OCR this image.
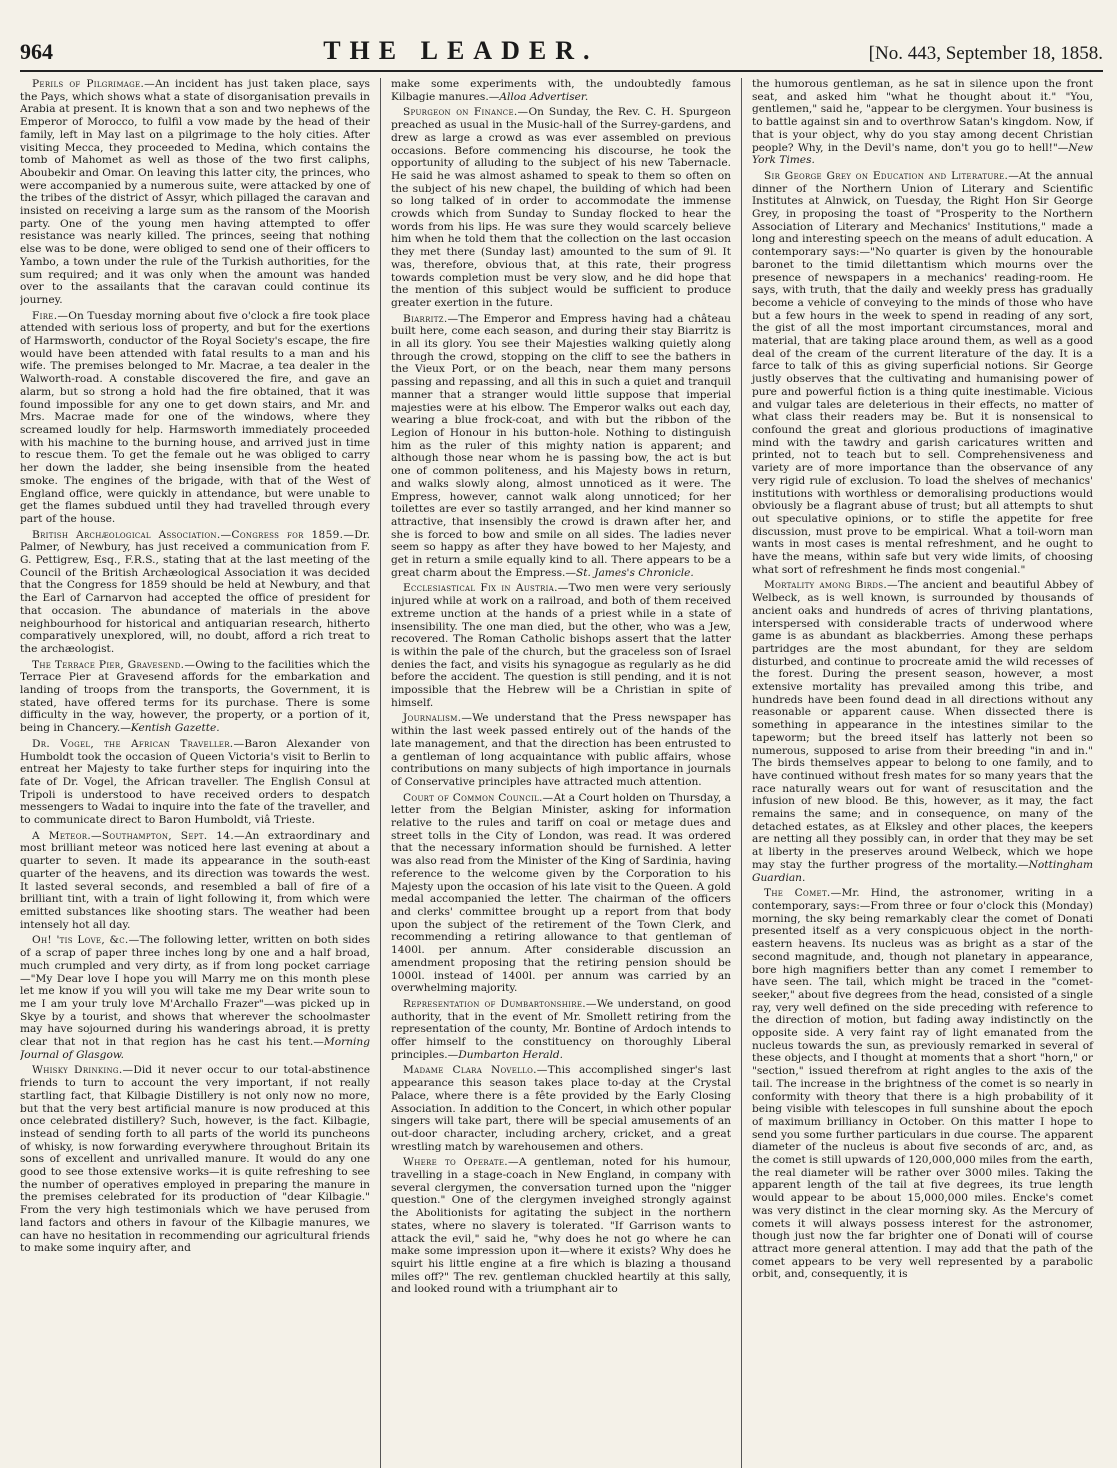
964	THE LEADER.	[No. 443, September 18, 1858.

Perils of Pilgrimage.—An incident has just taken place, says the Pays, which shows what a state of disorganisation prevails in Arabia at present. It is known that a son and two nephews of the Emperor of Morocco, to fulfil a vow made by the head of their family, left in May last on a pilgrimage to the holy cities. After visiting Mecca, they proceeded to Medina, which contains the tomb of Mahomet as well as those of the two first caliphs, Aboubekir and Omar. On leaving this latter city, the princes, who were accompanied by a numerous suite, were attacked by one of the tribes of the district of Assyr, which pillaged the caravan and insisted on receiving a large sum as the ransom of the Moorish party. One of the young men having attempted to offer resistance was nearly killed. The princes, seeing that nothing else was to be done, were obliged to send one of their officers to Yambo, a town under the rule of the Turkish authorities, for the sum required; and it was only when the amount was handed over to the assailants that the caravan could continue its journey.

Fire.—On Tuesday morning about five o'clock a fire took place attended with serious loss of property, and but for the exertions of Harmsworth, conductor of the Royal Society's escape, the fire would have been attended with fatal results to a man and his wife. The premises belonged to Mr. Macrae, a tea dealer in the Walworth-road. A constable discovered the fire, and gave an alarm, but so strong a hold had the fire obtained, that it was found impossible for any one to get down stairs, and Mr. and Mrs. Macrae made for one of the windows, where they screamed loudly for help. Harmsworth immediately proceeded with his machine to the burning house, and arrived just in time to rescue them. To get the female out he was obliged to carry her down the ladder, she being insensible from the heated smoke. The engines of the brigade, with that of the West of England office, were quickly in attendance, but were unable to get the flames subdued until they had travelled through every part of the house.

British Archæological Association.—Congress for 1859.—Dr. Palmer, of Newbury, has just received a communication from F. G. Pettigrew, Esq., F.R.S., stating that at the last meeting of the Council of the British Archæological Association it was decided that the Congress for 1859 should be held at Newbury, and that the Earl of Carnarvon had accepted the office of president for that occasion. The abundance of materials in the above neighbourhood for historical and antiquarian research, hitherto comparatively unexplored, will, no doubt, afford a rich treat to the archæologist.

The Terrace Pier, Gravesend.—Owing to the facilities which the Terrace Pier at Gravesend affords for the embarkation and landing of troops from the transports, the Government, it is stated, have offered terms for its purchase. There is some difficulty in the way, however, the property, or a portion of it, being in Chancery.—Kentish Gazette.

Dr. Vogel, the African Traveller.—Baron Alexander von Humboldt took the occasion of Queen Victoria's visit to Berlin to entreat her Majesty to take further steps for inquiring into the fate of Dr. Vogel, the African traveller. The English Consul at Tripoli is understood to have received orders to despatch messengers to Wadai to inquire into the fate of the traveller, and to communicate direct to Baron Humboldt, viâ Trieste.

A Meteor.—Southampton, Sept. 14.—An extraordinary and most brilliant meteor was noticed here last evening at about a quarter to seven. It made its appearance in the south-east quarter of the heavens, and its direction was towards the west. It lasted several seconds, and resembled a ball of fire of a brilliant tint, with a train of light following it, from which were emitted substances like shooting stars. The weather had been intensely hot all day.

Oh! 'tis Love, &c.—The following letter, written on both sides of a scrap of paper three inches long by one and a half broad, much crumpled and very dirty, as if from long pocket carriage—"My Dear love I hope you will Marry me on this month plese let me know if you will you will take me my Dear write soun to me I am your truly love M'Archallo Frazer"—was picked up in Skye by a tourist, and shows that wherever the schoolmaster may have sojourned during his wanderings abroad, it is pretty clear that not in that region has he cast his tent.—Morning Journal of Glasgow.

Whisky Drinking.—Did it never occur to our total-abstinence friends to turn to account the very important, if not really startling fact, that Kilbagie Distillery is not only now no more, but that the very best artificial manure is now produced at this once celebrated distillery? Such, however, is the fact. Kilbagie, instead of sending forth to all parts of the world its puncheons of whisky, is now forwarding everywhere throughout Britain its sons of excellent and unrivalled manure. It would do any one good to see those extensive works—it is quite refreshing to see the number of operatives employed in preparing the manure in the premises celebrated for its production of "dear Kilbagie." From the very high testimonials which we have perused from land factors and others in favour of the Kilbagie manures, we can have no hesitation in recommending our agricultural friends to make some inquiry after, and

make some experiments with, the undoubtedly famous Kilbagie manures.—Alloa Advertiser.

Spurgeon on Finance.—On Sunday, the Rev. C. H. Spurgeon preached as usual in the Music-hall of the Surrey-gardens, and drew as large a crowd as was ever assembled on previous occasions. Before commencing his discourse, he took the opportunity of alluding to the subject of his new Tabernacle. He said he was almost ashamed to speak to them so often on the subject of his new chapel, the building of which had been so long talked of in order to accommodate the immense crowds which from Sunday to Sunday flocked to hear the words from his lips. He was sure they would scarcely believe him when he told them that the collection on the last occasion they met there (Sunday last) amounted to the sum of 9l. It was, therefore, obvious that, at this rate, their progress towards completion must be very slow, and he did hope that the mention of this subject would be sufficient to produce greater exertion in the future.

Biarritz.—The Emperor and Empress having had a château built here, come each season, and during their stay Biarritz is in all its glory. You see their Majesties walking quietly along through the crowd, stopping on the cliff to see the bathers in the Vieux Port, or on the beach, near them many persons passing and repassing, and all this in such a quiet and tranquil manner that a stranger would little suppose that imperial majesties were at his elbow. The Emperor walks out each day, wearing a blue frock-coat, and with but the ribbon of the Legion of Honour in his button-hole. Nothing to distinguish him as the ruler of this mighty nation is apparent; and although those near whom he is passing bow, the act is but one of common politeness, and his Majesty bows in return, and walks slowly along, almost unnoticed as it were. The Empress, however, cannot walk along unnoticed; for her toilettes are ever so tastily arranged, and her kind manner so attractive, that insensibly the crowd is drawn after her, and she is forced to bow and smile on all sides. The ladies never seem so happy as after they have bowed to her Majesty, and get in return a smile equally kind to all. There appears to be a great charm about the Empress.—St. James's Chronicle.

Ecclesiastical Fix in Austria.—Two men were very seriously injured while at work on a railroad, and both of them received extreme unction at the hands of a priest while in a state of insensibility. The one man died, but the other, who was a Jew, recovered. The Roman Catholic bishops assert that the latter is within the pale of the church, but the graceless son of Israel denies the fact, and visits his synagogue as regularly as he did before the accident. The question is still pending, and it is not impossible that the Hebrew will be a Christian in spite of himself.

Journalism.—We understand that the Press newspaper has within the last week passed entirely out of the hands of the late management, and that the direction has been entrusted to a gentleman of long acquaintance with public affairs, whose contributions on many subjects of high importance in journals of Conservative principles have attracted much attention.

Court of Common Council.—At a Court holden on Thursday, a letter from the Belgian Minister, asking for information relative to the rules and tariff on coal or metage dues and street tolls in the City of London, was read. It was ordered that the necessary information should be furnished. A letter was also read from the Minister of the King of Sardinia, having reference to the welcome given by the Corporation to his Majesty upon the occasion of his late visit to the Queen. A gold medal accompanied the letter. The chairman of the officers and clerks' committee brought up a report from that body upon the subject of the retirement of the Town Clerk, and recommending a retiring allowance to that gentleman of 1400l. per annum. After considerable discussion an amendment proposing that the retiring pension should be 1000l. instead of 1400l. per annum was carried by an overwhelming majority.

Representation of Dumbartonshire.—We understand, on good authority, that in the event of Mr. Smollett retiring from the representation of the county, Mr. Bontine of Ardoch intends to offer himself to the constituency on thoroughly Liberal principles.—Dumbarton Herald.

Madame Clara Novello.—This accomplished singer's last appearance this season takes place to-day at the Crystal Palace, where there is a fête provided by the Early Closing Association. In addition to the Concert, in which other popular singers will take part, there will be special amusements of an out-door character, including archery, cricket, and a great wrestling match by warehousemen and others.

Where to Operate.—A gentleman, noted for his humour, travelling in a stage-coach in New England, in company with several clergymen, the conversation turned upon the "nigger question." One of the clergymen inveighed strongly against the Abolitionists for agitating the subject in the northern states, where no slavery is tolerated. "If Garrison wants to attack the evil," said he, "why does he not go where he can make some impression upon it—where it exists? Why does he squirt his little engine at a fire which is blazing a thousand miles off?" The rev. gentleman chuckled heartily at this sally, and looked round with a triumphant air to

the humorous gentleman, as he sat in silence upon the front seat, and asked him "what he thought about it." "You, gentlemen," said he, "appear to be clergymen. Your business is to battle against sin and to overthrow Satan's kingdom. Now, if that is your object, why do you stay among decent Christian people? Why, in the Devil's name, don't you go to hell!"—New York Times.

Sir George Grey on Education and Literature.—At the annual dinner of the Northern Union of Literary and Scientific Institutes at Alnwick, on Tuesday, the Right Hon Sir George Grey, in proposing the toast of "Prosperity to the Northern Association of Literary and Mechanics' Institutions," made a long and interesting speech on the means of adult education. A contemporary says:—"No quarter is given by the honourable baronet to the timid dilettantism which mourns over the presence of newspapers in a mechanics' reading-room. He says, with truth, that the daily and weekly press has gradually become a vehicle of conveying to the minds of those who have but a few hours in the week to spend in reading of any sort, the gist of all the most important circumstances, moral and material, that are taking place around them, as well as a good deal of the cream of the current literature of the day. It is a farce to talk of this as giving superficial notions. Sir George justly observes that the cultivating and humanising power of pure and powerful fiction is a thing quite inestimable. Vicious and vulgar tales are deleterious in their effects, no matter of what class their readers may be. But it is nonsensical to confound the great and glorious productions of imaginative mind with the tawdry and garish caricatures written and printed, not to teach but to sell. Comprehensiveness and variety are of more importance than the observance of any very rigid rule of exclusion. To load the shelves of mechanics' institutions with worthless or demoralising productions would obviously be a flagrant abuse of trust; but all attempts to shut out speculative opinions, or to stifle the appetite for free discussion, must prove to be empirical. What a toil-worn man wants in most cases is mental refreshment, and he ought to have the means, within safe but very wide limits, of choosing what sort of refreshment he finds most congenial."

Mortality among Birds.—The ancient and beautiful Abbey of Welbeck, as is well known, is surrounded by thousands of ancient oaks and hundreds of acres of thriving plantations, interspersed with considerable tracts of underwood where game is as abundant as blackberries. Among these perhaps partridges are the most abundant, for they are seldom disturbed, and continue to procreate amid the wild recesses of the forest. During the present season, however, a most extensive mortality has prevailed among this tribe, and hundreds have been found dead in all directions without any reasonable or apparent cause. When dissected there is something in appearance in the intestines similar to the tapeworm; but the breed itself has latterly not been so numerous, supposed to arise from their breeding "in and in." The birds themselves appear to belong to one family, and to have continued without fresh mates for so many years that the race naturally wears out for want of resuscitation and the infusion of new blood. Be this, however, as it may, the fact remains the same; and in consequence, on many of the detached estates, as at Elksley and other places, the keepers are netting all they possibly can, in order that they may be set at liberty in the preserves around Welbeck, which we hope may stay the further progress of the mortality.—Nottingham Guardian.

The Comet.—Mr. Hind, the astronomer, writing in a contemporary, says:—From three or four o'clock this (Monday) morning, the sky being remarkably clear the comet of Donati presented itself as a very conspicuous object in the north-eastern heavens. Its nucleus was as bright as a star of the second magnitude, and, though not planetary in appearance, bore high magnifiers better than any comet I remember to have seen. The tail, which might be traced in the "comet-seeker," about five degrees from the head, consisted of a single ray, very well defined on the side preceding with reference to the direction of motion, but fading away indistinctly on the opposite side. A very faint ray of light emanated from the nucleus towards the sun, as previously remarked in several of these objects, and I thought at moments that a short "horn," or "section," issued therefrom at right angles to the axis of the tail. The increase in the brightness of the comet is so nearly in conformity with theory that there is a high probability of it being visible with telescopes in full sunshine about the epoch of maximum brilliancy in October. On this matter I hope to send you some further particulars in due course. The apparent diameter of the nucleus is about five seconds of arc, and, as the comet is still upwards of 120,000,000 miles from the earth, the real diameter will be rather over 3000 miles. Taking the apparent length of the tail at five degrees, its true length would appear to be about 15,000,000 miles. Encke's comet was very distinct in the clear morning sky. As the Mercury of comets it will always possess interest for the astronomer, though just now the far brighter one of Donati will of course attract more general attention. I may add that the path of the comet appears to be very well represented by a parabolic orbit, and, consequently, it is
